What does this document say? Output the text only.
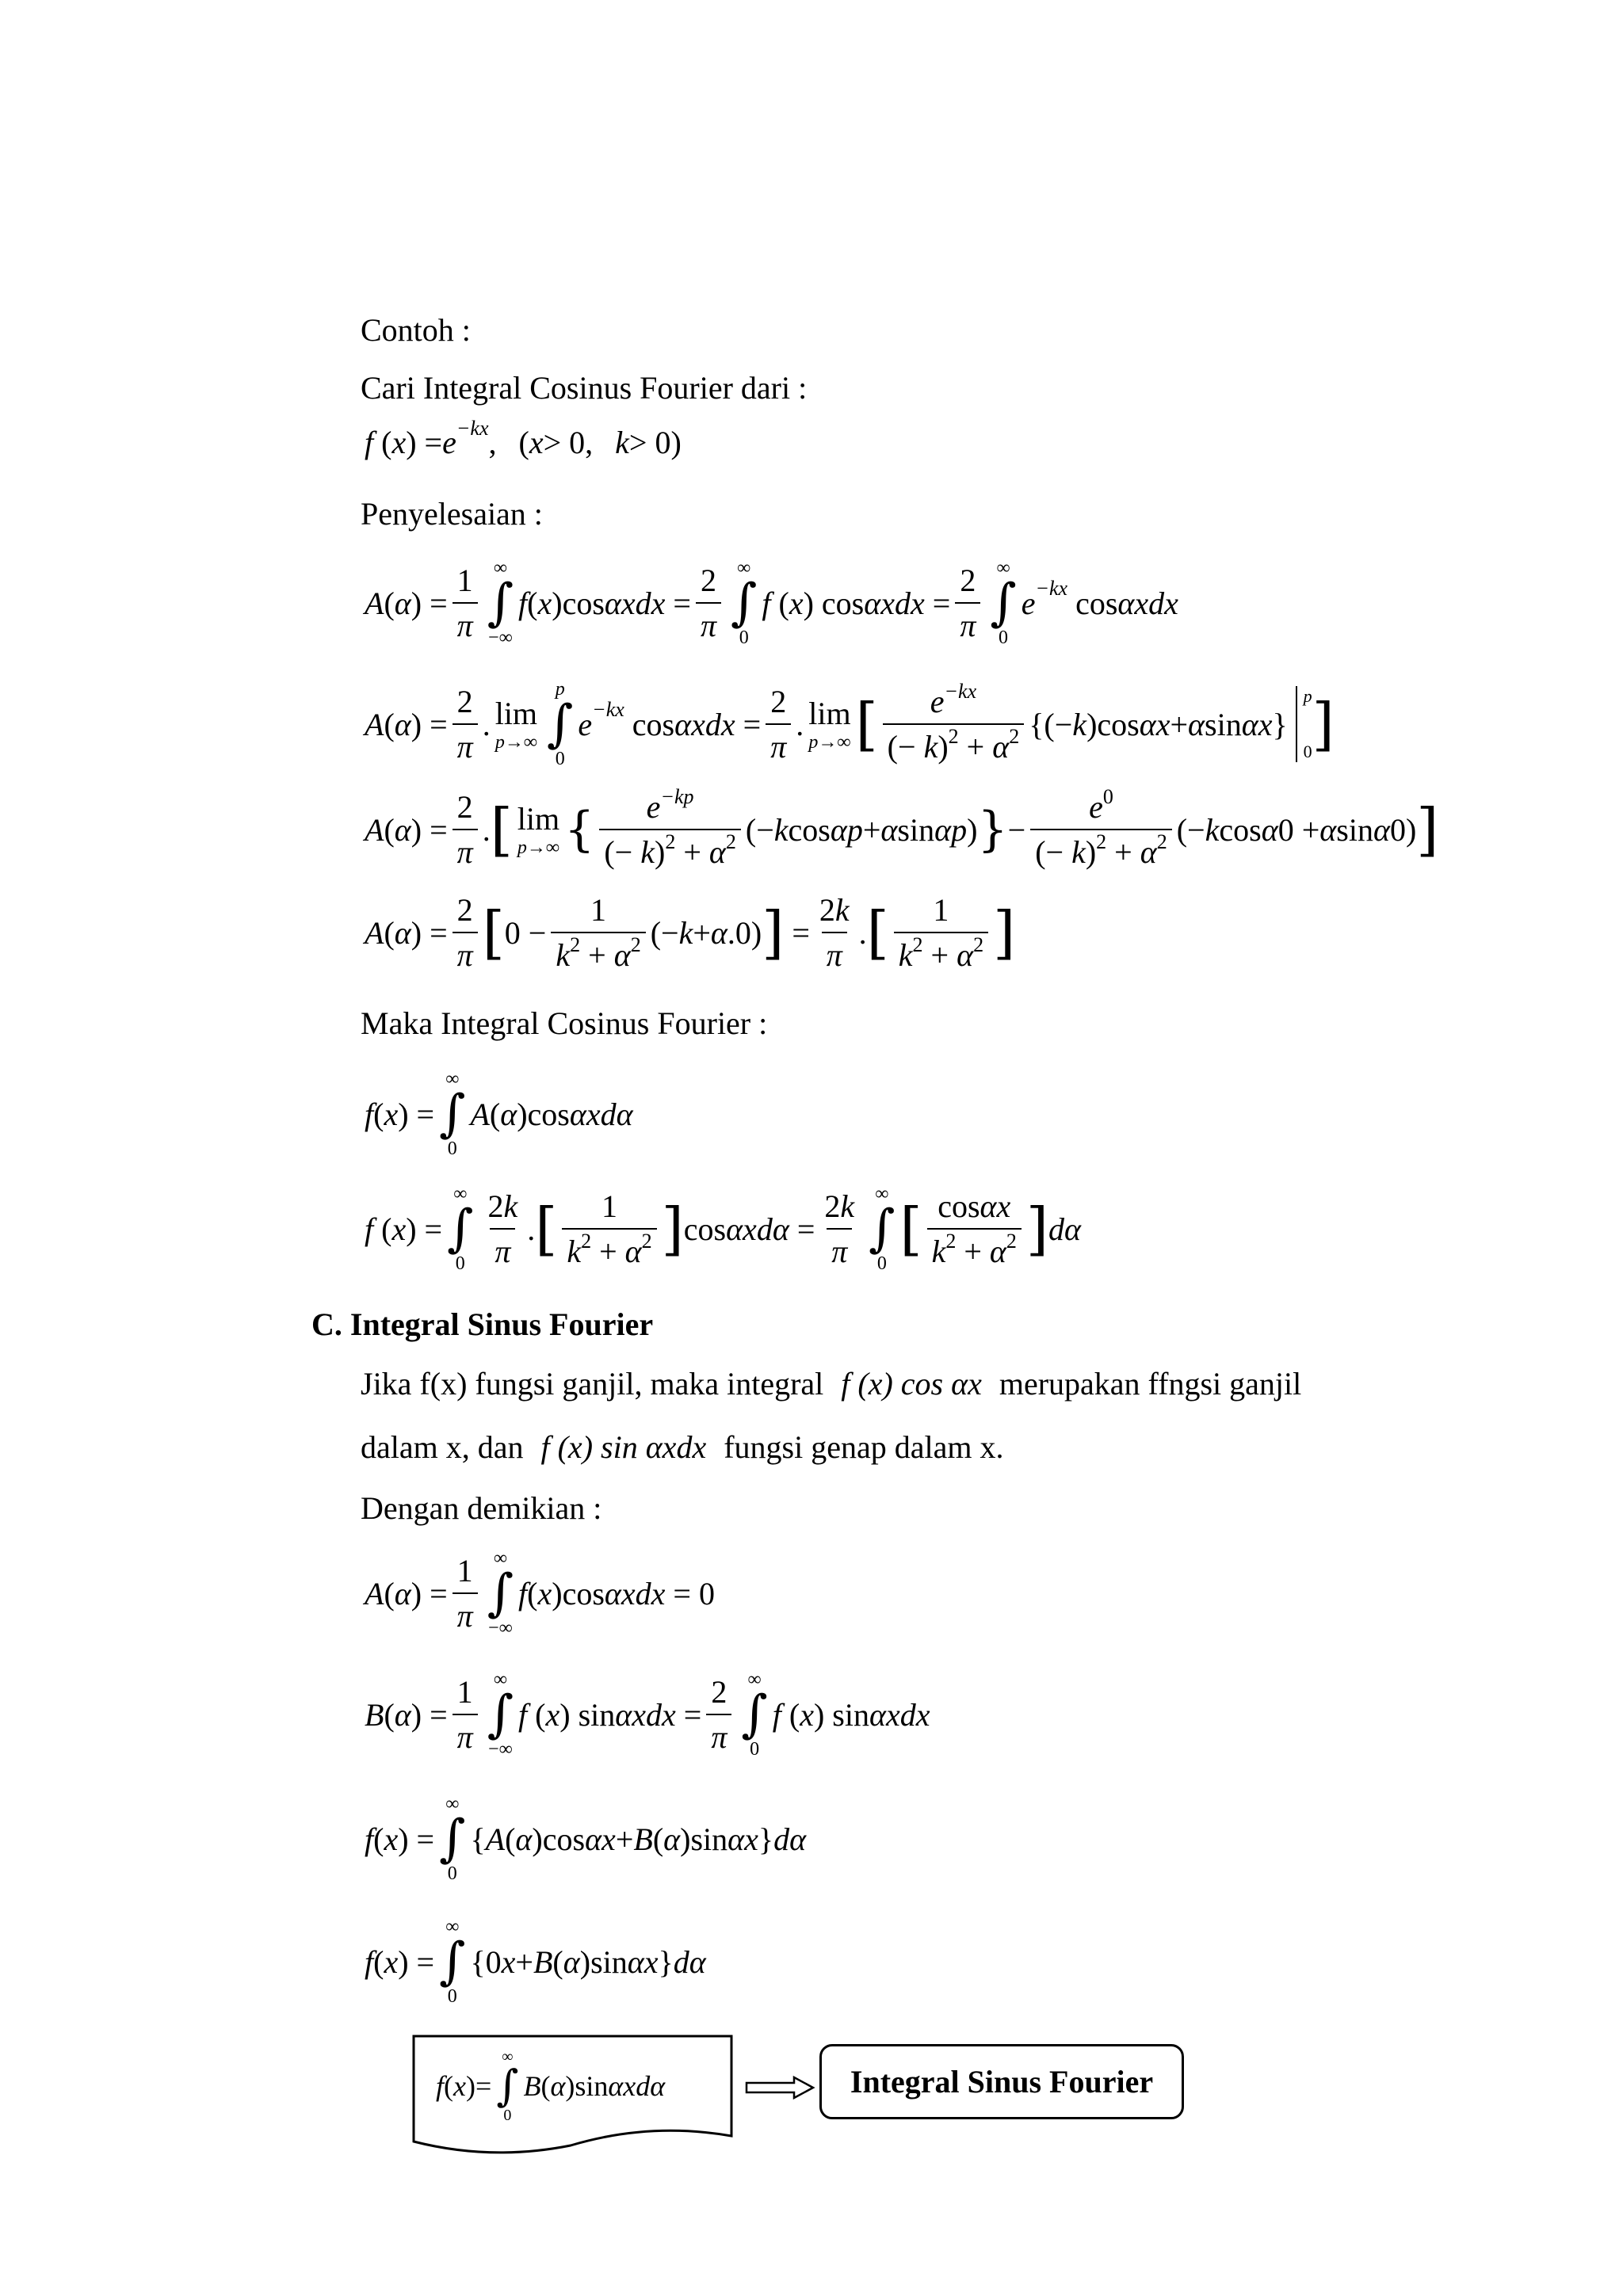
Contoh :
Cari Integral Cosinus Fourier dari :
f ( x ) = e −kx ,
( x > 0, k > 0)
Penyelesaian :
A ( α ) = $\frac{1}{\pi}$ ∞
∫
−∞
f ( x )cos $\alpha xdx = \frac{2}{\pi}$ ∞
∫
0
f ( x ) $\cos \alpha xdx = \frac{2}{\pi}$ ∞
∫
0
e −kx cos αxdx
A ( α ) = $\frac{2}{\pi}$ . lim
p→∞
p
∫
0
e −kx $\cos \alpha xdx = \frac{2}{\pi}$ . lim
p→∞ [ $\frac{e^{-kx}}{(- k)^2 + \alpha^2}$ {(− k )cos αx + α sin αx }
p
0 ]
A ( α ) = $\frac{2}{\pi}$ . [ lim
p→∞ { $\frac{e^{-kp}}{(- k)^2 + \alpha^2}$ (− k cos αp + α sin αp ) } − $\frac{e^0}{(- k)^2 + \alpha^2}$ (− k cos α 0 + α sin α 0) ]
A ( α ) = $\frac{2}{\pi}$ [ $0 - \frac{1}{k^2 + \alpha^2}$ (− k + α .0) ] = $\frac{2k}{\pi}$ . [ $\frac{1}{k^2 + \alpha^2}$ ]
Maka Integral Cosinus Fourier :
f ( x ) =
∞
∫
0
A ( α )cos αxdα
f ( x ) =
∞
∫
$0 \frac{2k}{\pi}$ . [ $\frac{1}{k^2 + \alpha^2}$ ] $\cos \alpha xd\alpha = \frac{2k}{\pi}$ ∞
∫
0
[ $\frac{\cos\alpha x}{k^2 + \alpha^2}$ ] dα
C. Integral Sinus Fourier
Jika f(x) fungsi ganjil, maka integral f (x) cos αx merupakan ffngsi ganjil
dalam x, dan f (x) sin αxdx fungsi genap dalam x.
Dengan demikian :
A ( α ) = $\frac{1}{\pi}$ ∞
∫
−∞
f ( x )cos αxdx = 0
B ( α ) = $\frac{1}{\pi}$ ∞
∫
−∞
f ( x ) $\sin \alpha xdx = \frac{2}{\pi}$ ∞
∫
0
f ( x ) sin αxdx
f ( x ) =
∞
∫
0
{ A ( α )cos αx + B ( α )sin αx } dα
f ( x ) =
∞
∫
0
{0 x + B ( α )sin αx } dα
f ( x )=
∞
∫
0
B ( α )sin αxdα	Integral Sinus Fourier
